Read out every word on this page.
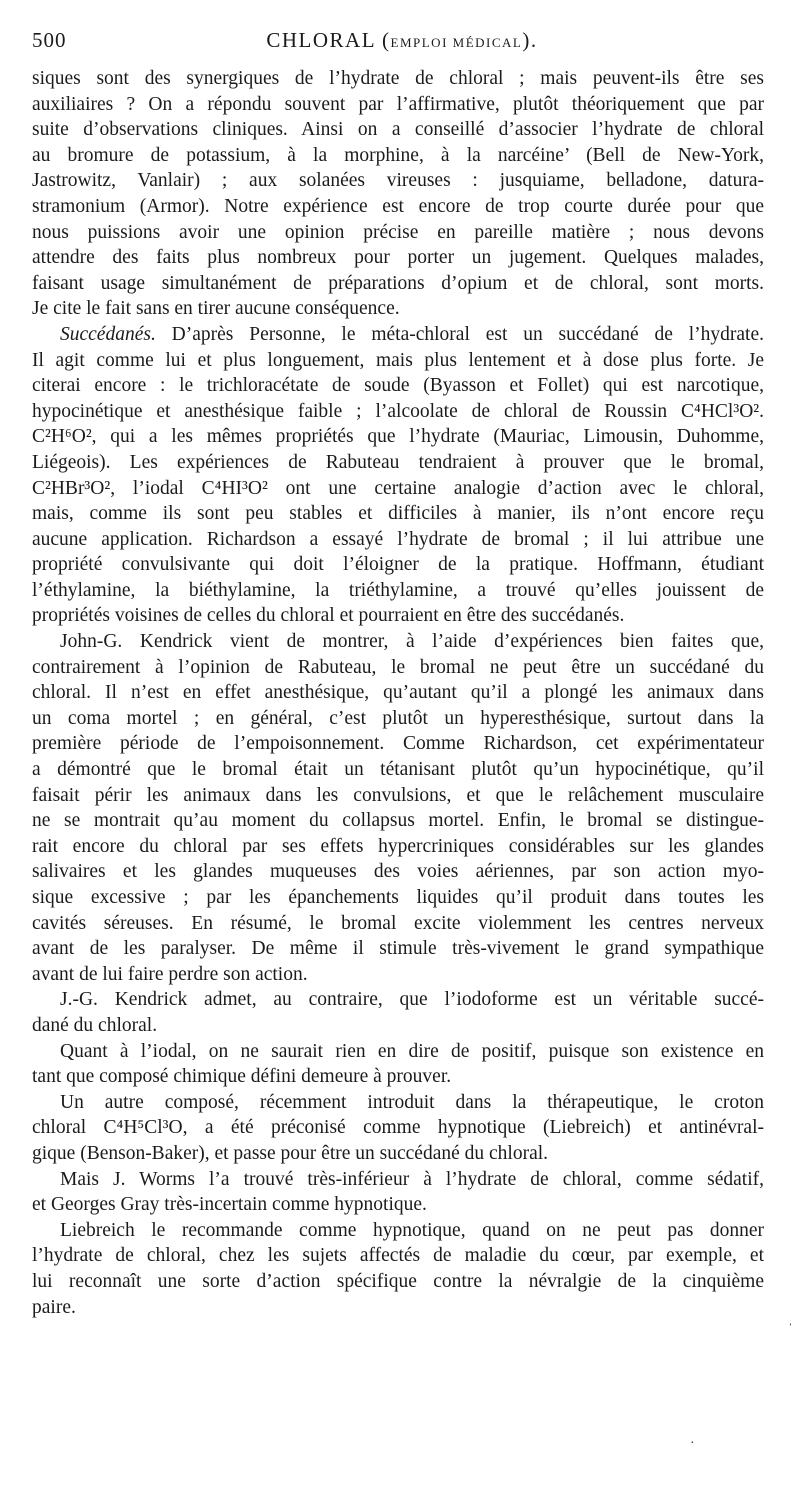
500	CHLORAL (EMPLOI MÉDICAL).
siques sont des synergiques de l’hydrate de chloral ; mais peuvent-ils être ses
auxiliaires ? On a répondu souvent par l’affirmative, plutôt théoriquement que par
suite d’observations cliniques. Ainsi on a conseillé d’associer l’hydrate de chloral
au bromure de potassium, à la morphine, à la narcéine’ (Bell de New-York,
Jastrowitz, Vanlair) ; aux solanées vireuses : jusquiame, belladone, datura-
stramonium (Armor). Notre expérience est encore de trop courte durée pour que
nous puissions avoir une opinion précise en pareille matière ; nous devons
attendre des faits plus nombreux pour porter un jugement. Quelques malades,
faisant usage simultanément de préparations d’opium et de chloral, sont morts.
Je cite le fait sans en tirer aucune conséquence.
Succédanés. D’après Personne, le méta-chloral est un succédané de l’hydrate.
Il agit comme lui et plus longuement, mais plus lentement et à dose plus forte. Je
citerai encore : le trichloracétate de soude (Byasson et Follet) qui est narcotique,
hypocinétique et anesthésique faible ; l’alcoolate de chloral de Roussin C⁴HCl³O².
C²H⁶O², qui a les mêmes propriétés que l’hydrate (Mauriac, Limousin, Duhomme,
Liégeois). Les expériences de Rabuteau tendraient à prouver que le bromal,
C²HBr³O², l’iodal C⁴HI³O² ont une certaine analogie d’action avec le chloral,
mais, comme ils sont peu stables et difficiles à manier, ils n’ont encore reçu
aucune application. Richardson a essayé l’hydrate de bromal ; il lui attribue une
propriété convulsivante qui doit l’éloigner de la pratique. Hoffmann, étudiant
l’éthylamine, la biéthylamine, la triéthylamine, a trouvé qu’elles jouissent de
propriétés voisines de celles du chloral et pourraient en être des succédanés.
John-G. Kendrick vient de montrer, à l’aide d’expériences bien faites que,
contrairement à l’opinion de Rabuteau, le bromal ne peut être un succédané du
chloral. Il n’est en effet anesthésique, qu’autant qu’il a plongé les animaux dans
un coma mortel ; en général, c’est plutôt un hyperesthésique, surtout dans la
première période de l’empoisonnement. Comme Richardson, cet expérimentateur
a démontré que le bromal était un tétanisant plutôt qu’un hypocinétique, qu’il
faisait périr les animaux dans les convulsions, et que le relâchement musculaire
ne se montrait qu’au moment du collapsus mortel. Enfin, le bromal se distingue-
rait encore du chloral par ses effets hypercriniques considérables sur les glandes
salivaires et les glandes muqueuses des voies aériennes, par son action myo-
sique excessive ; par les épanchements liquides qu’il produit dans toutes les
cavités séreuses. En résumé, le bromal excite violemment les centres nerveux
avant de les paralyser. De même il stimule très-vivement le grand sympathique
avant de lui faire perdre son action.
J.-G. Kendrick admet, au contraire, que l’iodoforme est un véritable succé-
dané du chloral.
Quant à l’iodal, on ne saurait rien en dire de positif, puisque son existence en
tant que composé chimique défini demeure à prouver.
Un autre composé, récemment introduit dans la thérapeutique, le croton
chloral C⁴H⁵Cl³O, a été préconisé comme hypnotique (Liebreich) et antinévral-
gique (Benson-Baker), et passe pour être un succédané du chloral.
Mais J. Worms l’a trouvé très-inférieur à l’hydrate de chloral, comme sédatif,
et Georges Gray très-incertain comme hypnotique.
Liebreich le recommande comme hypnotique, quand on ne peut pas donner
l’hydrate de chloral, chez les sujets affectés de maladie du cœur, par exemple, et
lui reconnaît une sorte d’action spécifique contre la névralgie de la cinquième
paire.
ˈ
·
